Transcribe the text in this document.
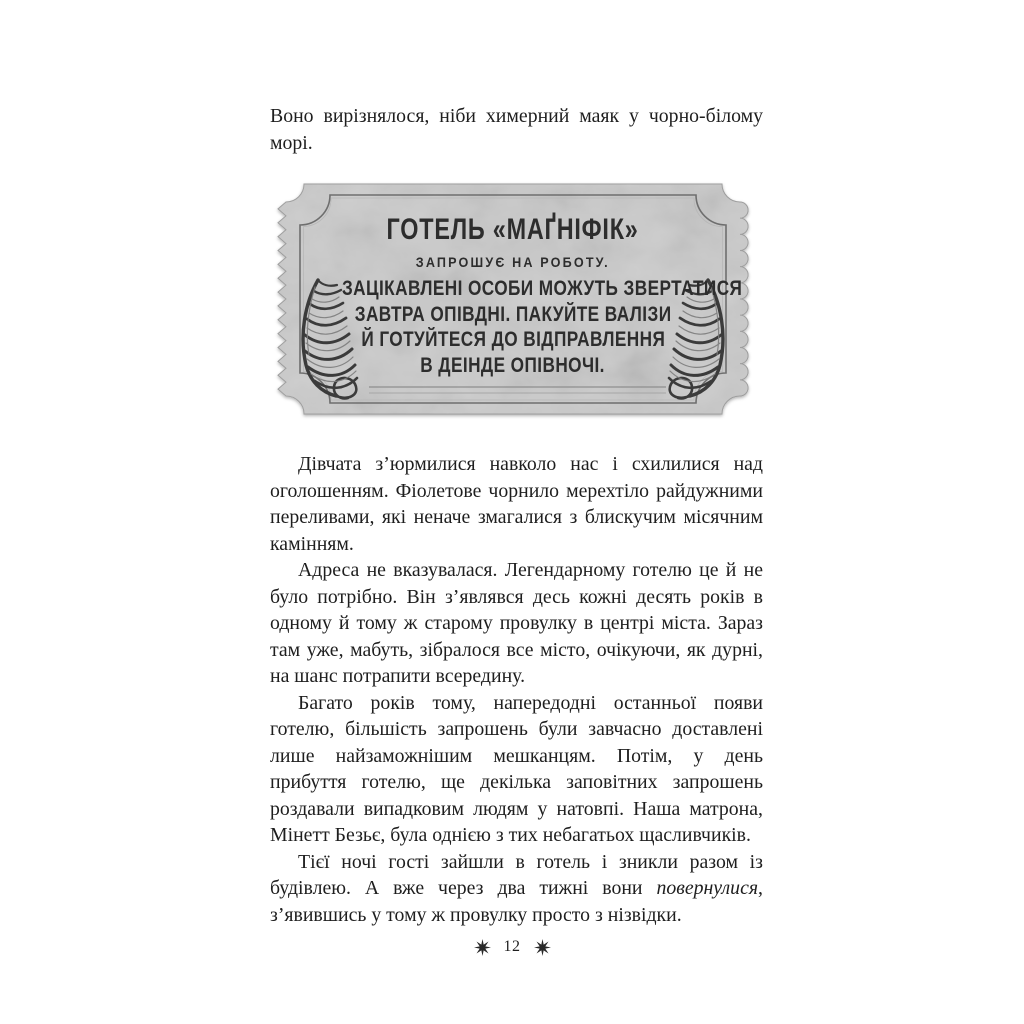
Воно вирізнялося, ніби химерний маяк у чорно-білому морі.

ГОТЕЛЬ «МАҐНІФІК»
ЗАПРОШУЄ НА РОБОТУ.
ЗАЦІКАВЛЕНІ ОСОБИ МОЖУТЬ ЗВЕРТАТИСЯ
ЗАВТРА ОПІВДНІ. ПАКУЙТЕ ВАЛІЗИ
Й ГОТУЙТЕСЯ ДО ВІДПРАВЛЕННЯ
В ДЕІНДЕ ОПІВНОЧІ.

Дівчата з’юрмилися навколо нас і схилилися над оголошенням. Фіолетове чорнило мерехтіло райдужними переливами, які неначе змагалися з блискучим місячним камінням.

Адреса не вказувалася. Легендарному готелю це й не було потрібно. Він з’являвся десь кожні десять років в одному й тому ж старому провулку в центрі міста. Зараз там уже, мабуть, зібралося все місто, очікуючи, як дурні, на шанс потрапити всередину.

Багато років тому, напередодні останньої появи готелю, більшість запрошень були завчасно доставлені лише найзаможнішим мешканцям. Потім, у день прибуття готелю, ще декілька заповітних запрошень роздавали випадковим людям у натовпі. Наша матрона, Мінетт Безьє, була однією з тих небагатьох щасливчиків.

Тієї ночі гості зайшли в готель і зникли разом із будівлею. А вже через два тижні вони повернулися, з’явившись у тому ж провулку просто з нізвідки.

12
